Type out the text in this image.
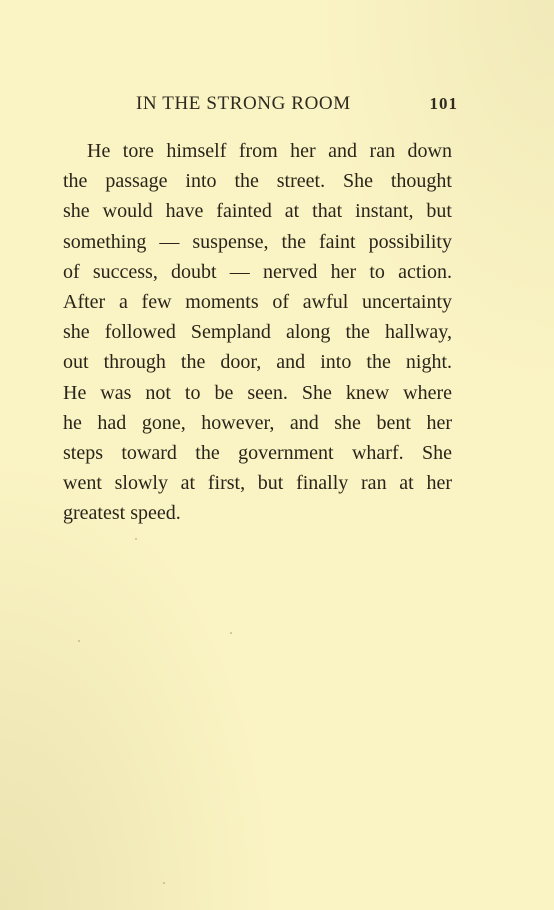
IN THE STRONG ROOM	101
He tore himself from her and ran down
the passage into the street. She thought
she would have fainted at that instant, but
something — suspense, the faint possibility
of success, doubt — nerved her to action.
After a few moments of awful uncertainty
she followed Sempland along the hallway,
out through the door, and into the night.
He was not to be seen. She knew where
he had gone, however, and she bent her
steps toward the government wharf. She
went slowly at first, but finally ran at her
greatest speed.
